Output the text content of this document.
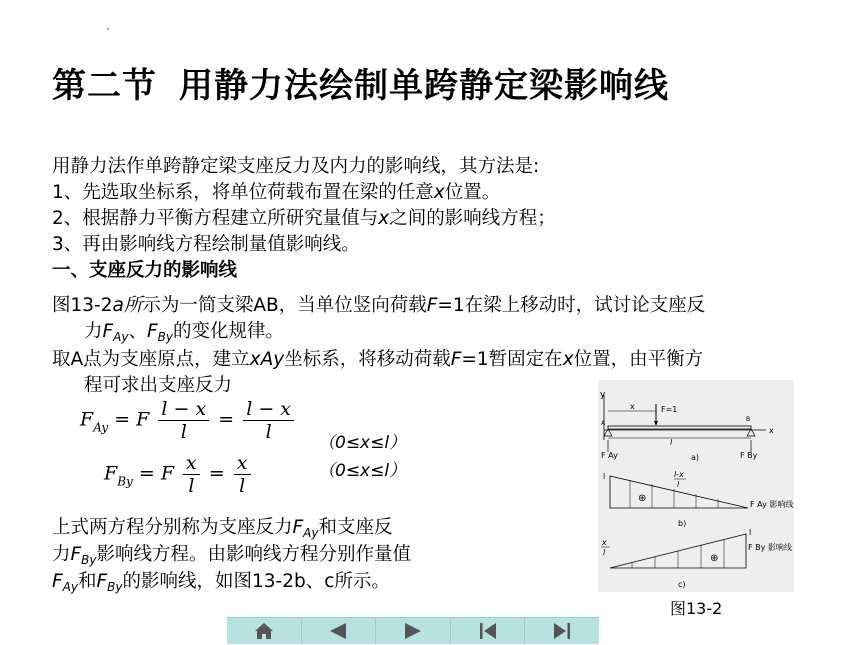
第二节 用静力法绘制单跨静定梁影响线
用静力法作单跨静定梁支座反力及内力的影响线，其方法是:
1、先选取坐标系，将单位荷载布置在梁的任意x位置。
2、根据静力平衡方程建立所研究量值与x之间的影响线方程；
3、再由影响线方程绘制量值影响线。
一、支座反力的影响线
图13-2a所示为一简支梁AB，当单位竖向荷载F=1在梁上移动时，试讨论支座反
力$F_{Ay}$、$F_{By}$的变化规律。
取A点为支座原点，建立xAy坐标系，将移动荷载F=1暂固定在x位置，由平衡方
程可求出支座反力
$F_{Ay} = F \frac{l - x}{l} = \frac{l - x}{l} (0\le x\le l)$
$F_{By} = F \frac{x}{l} = \frac{x}{l}$	（0≤x≤l）
上式两方程分别称为支座反力$F_{Ay}$和支座反
力$F_{By}$影响线方程。由影响线方程分别作量值
$F_{Ay}$和$F_{By}$的影响线，如图13-2b、c所示。
y
x
x	F=1
A
B
l
F Ay	F By
a)
l	l-x
l
⊕
F Ay 影响线
b)
x
l
l
⊕
F By 影响线
c)
图13-2
